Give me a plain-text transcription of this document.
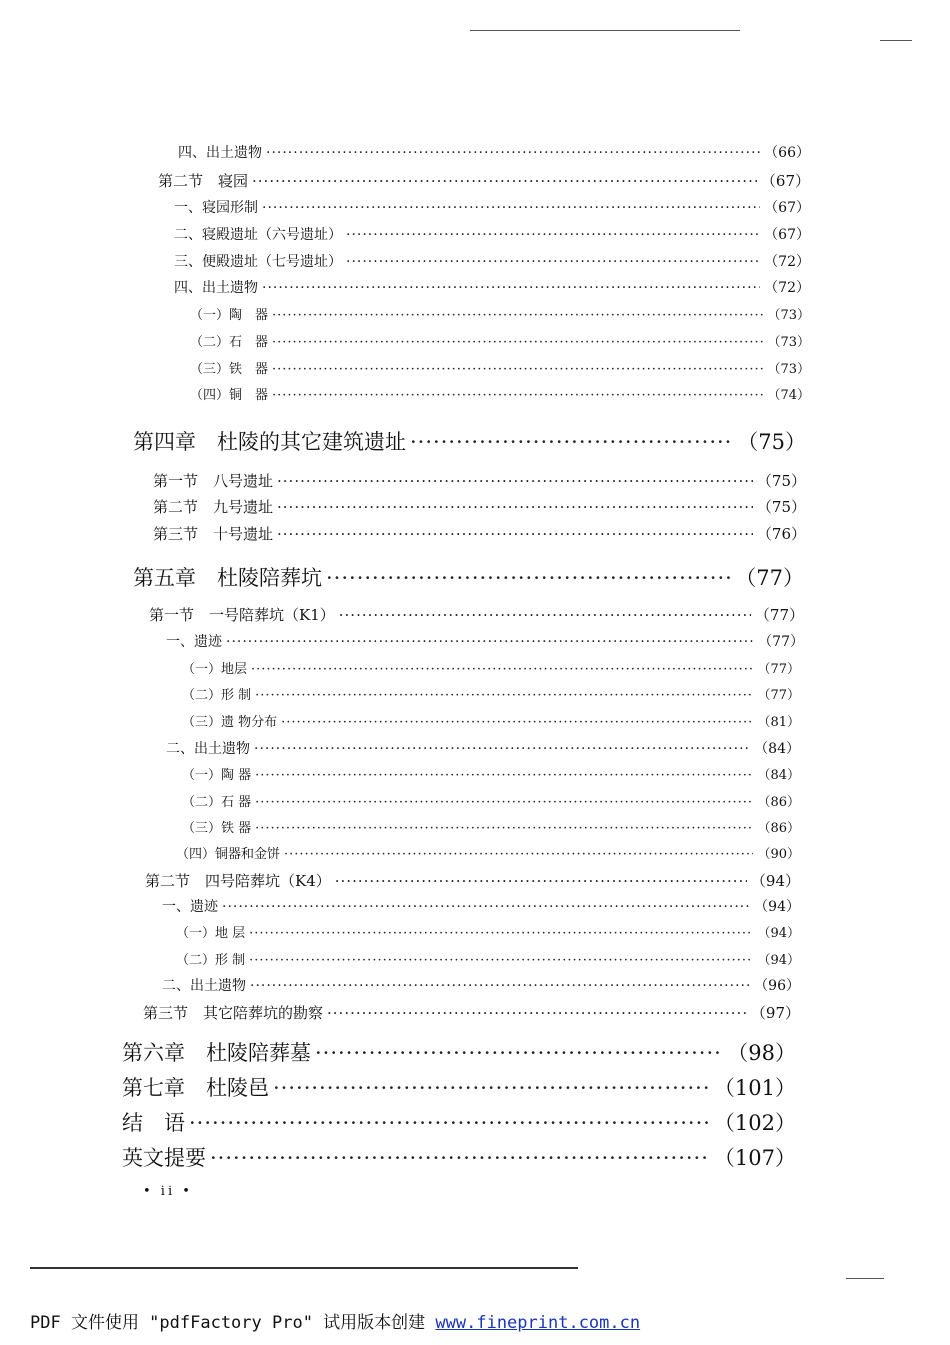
四、出土遗物 ·····	（66）
第二节　寝园 ·····	（67）
一、寝园形制 ·····	（67）
二、寝殿遗址（六号遗址） ·····	（67）
三、便殿遗址（七号遗址） ·····	（72）
四、出土遗物 ·····	（72）
（一）陶　器 ·····	（73）
（二）石　器 ·····	（73）
（三）铁　器 ·····	（73）
（四）铜　器 ·····	（74）
第四章　杜陵的其它建筑遗址 ·····	（75）
第一节　八号遗址 ·····	（75）
第二节　九号遗址 ·····	（75）
第三节　十号遗址 ·····	（76）
第五章　杜陵陪葬坑 ·····	（77）
第一节　一号陪葬坑（K1） ·····	（77）
一、遗迹 ·····	（77）
（一）地层 ·····	（77）
（二）形 制 ·····	（77）
（三）遗 物分布 ·····	（81）
二、出土遗物 ·····	（84）
（一）陶 器 ·····	（84）
（二）石 器 ·····	（86）
（三）铁 器 ·····	（86）
（四）铜器和金饼 ·····	（90）
第二节　四号陪葬坑（K4） ·····	（94）
一、遗迹 ·····	（94）
（一）地 层 ·····	（94）
（二）形 制 ·····	（94）
二、出土遗物 ·····	（96）
第三节　其它陪葬坑的勘察 ·····	（97）
第六章　杜陵陪葬墓 ·····	（98）
第七章　杜陵邑 ·····	（101）
结　语 ·····	（102）
英文提要 ·····	（107）
• ii •
PDF 文件使用 "pdfFactory Pro" 试用版本创建 www.fineprint.com.cn
